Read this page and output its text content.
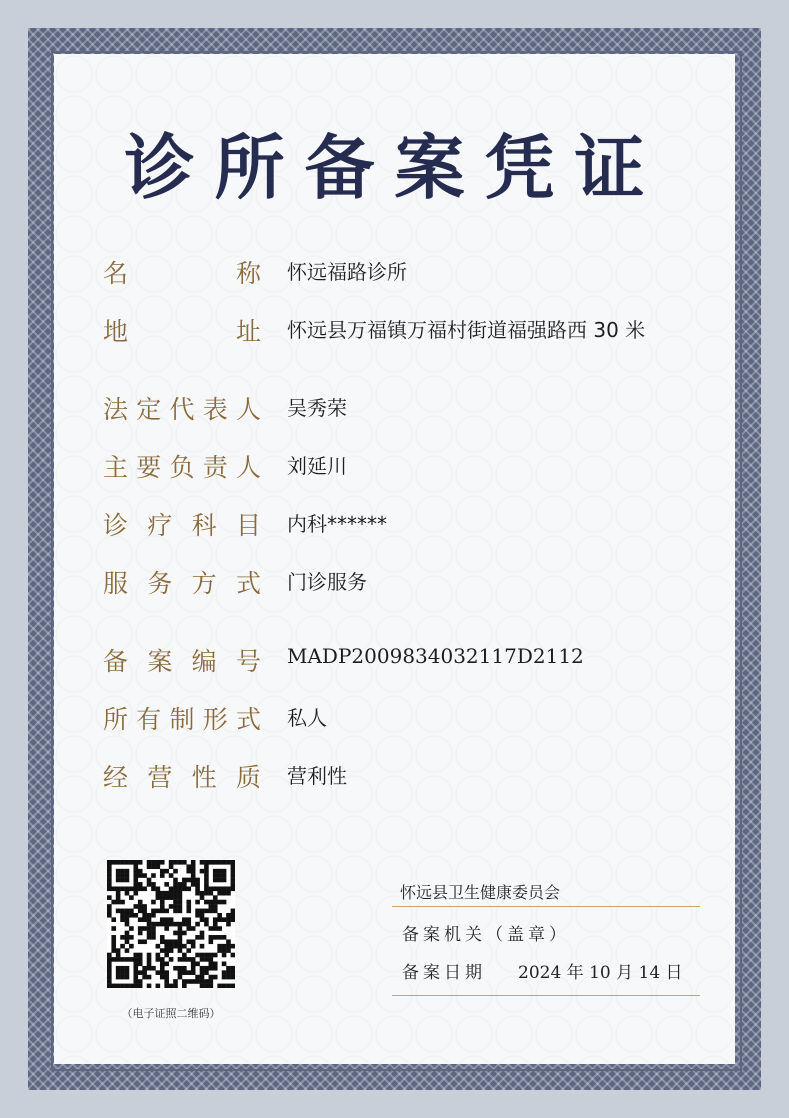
诊所备案凭证
名　　称 怀远福路诊所
地　　址 怀远县万福镇万福村街道福强路西 30 米
法定代表人 吴秀荣
主要负责人 刘延川
诊疗科目 内科******
服务方式 门诊服务
备案编号 MADP2009834032117D2112
所有制形式 私人
经营性质 营利性
（电子证照二维码）
怀远县卫生健康委员会
备案机关（盖章）
备案日期 2024 年 10 月 14 日
